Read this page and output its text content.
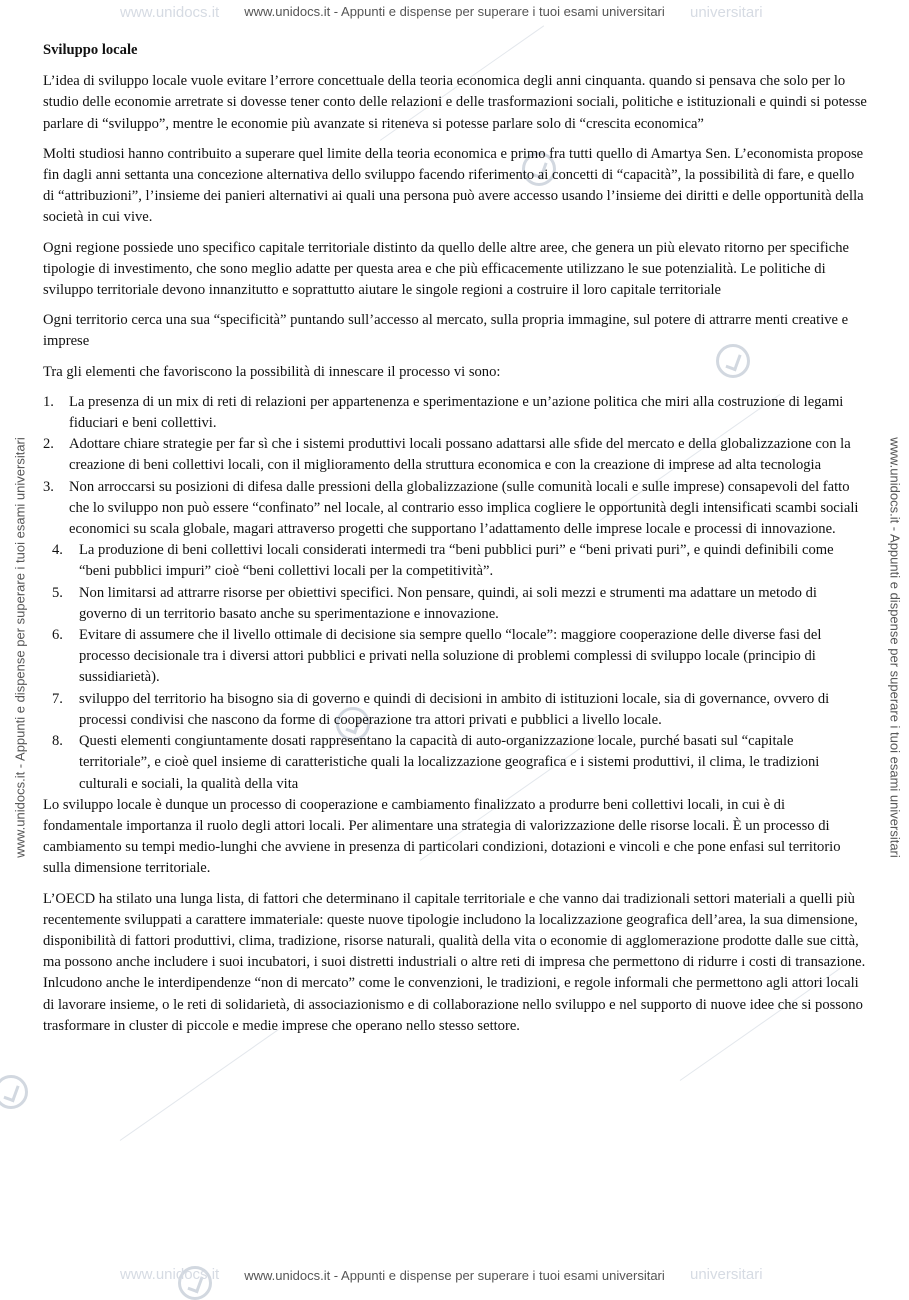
www.unidocs.it	universitari
www.unidocs.it	universitari
www.unidocs.it - Appunti e dispense per superare i tuoi esami universitari
www.unidocs.it - Appunti e dispense per superare i tuoi esami universitari
www.unidocs.it - Appunti e dispense per superare i tuoi esami universitari	www.unidocs.it - Appunti e dispense per superare i tuoi esami universitari
Sviluppo locale

L’idea di sviluppo locale vuole evitare l’errore concettuale della teoria economica degli anni cinquanta. quando si pensava che solo per lo studio delle economie arretrate si dovesse tener conto delle relazioni e delle trasformazioni sociali, politiche e istituzionali e quindi si potesse parlare di “sviluppo”, mentre le economie più avanzate si riteneva si potesse parlare solo di “crescita economica”

Molti studiosi hanno contribuito a superare quel limite della teoria economica e primo fra tutti quello di Amartya Sen. L’economista propose fin dagli anni settanta una concezione alternativa dello sviluppo facendo riferimento ai concetti di “capacità”, la possibilità di fare, e quello di “attribuzioni”, l’insieme dei panieri alternativi ai quali una persona può avere accesso usando l’insieme dei diritti e delle opportunità della società in cui vive.

Ogni regione possiede uno specifico capitale territoriale distinto da quello delle altre aree, che genera un più elevato ritorno per specifiche tipologie di investimento, che sono meglio adatte per questa area e che più efficacemente utilizzano le sue potenzialità. Le politiche di sviluppo territoriale devono innanzitutto e soprattutto aiutare le singole regioni a costruire il loro capitale territoriale

Ogni territorio cerca una sua “specificità” puntando sull’accesso al mercato, sulla propria immagine, sul potere di attrarre menti creative e imprese

Tra gli elementi che favoriscono la possibilità di innescare il processo vi sono:

1. La presenza di un mix di reti di relazioni per appartenenza e sperimentazione e un’azione politica che miri alla costruzione di legami fiduciari e beni collettivi.
2. Adottare chiare strategie per far sì che i sistemi produttivi locali possano adattarsi alle sfide del mercato e della globalizzazione con la creazione di beni collettivi locali, con il miglioramento della struttura economica e con la creazione di imprese ad alta tecnologia
3. Non arroccarsi su posizioni di difesa dalle pressioni della globalizzazione (sulle comunità locali e sulle imprese) consapevoli del fatto che lo sviluppo non può essere “confinato” nel locale, al contrario esso implica cogliere le opportunità degli intensificati scambi sociali economici su scala globale, magari attraverso progetti che supportano l’adattamento delle imprese locale e processi di innovazione.
4. La produzione di beni collettivi locali considerati intermedi tra “beni pubblici puri” e “beni privati puri”, e quindi definibili come “beni pubblici impuri” cioè “beni collettivi locali per la competitività”.
5. Non limitarsi ad attrarre risorse per obiettivi specifici. Non pensare, quindi, ai soli mezzi e strumenti ma adattare un metodo di governo di un territorio basato anche su sperimentazione e innovazione.
6. Evitare di assumere che il livello ottimale di decisione sia sempre quello “locale”: maggiore cooperazione delle diverse fasi del processo decisionale tra i diversi attori pubblici e privati nella soluzione di problemi complessi di sviluppo locale (principio di sussidiarietà).
7. sviluppo del territorio ha bisogno sia di governo e quindi di decisioni in ambito di istituzioni locale, sia di governance, ovvero di processi condivisi che nascono da forme di cooperazione tra attori privati e pubblici a livello locale.
8. Questi elementi congiuntamente dosati rappresentano la capacità di auto-organizzazione locale, purché basati sul “capitale territoriale”, e cioè quel insieme di caratteristiche quali la localizzazione geografica e i sistemi produttivi, il clima, le tradizioni culturali e sociali, la qualità della vita

Lo sviluppo locale è dunque un processo di cooperazione e cambiamento finalizzato a produrre beni collettivi locali, in cui è di fondamentale importanza il ruolo degli attori locali. Per alimentare una strategia di valorizzazione delle risorse locali. È un processo di cambiamento su tempi medio-lunghi che avviene in presenza di particolari condizioni, dotazioni e vincoli e che pone enfasi sul territorio sulla dimensione territoriale.

L’OECD ha stilato una lunga lista, di fattori che determinano il capitale territoriale e che vanno dai tradizionali settori materiali a quelli più recentemente sviluppati a carattere immateriale: queste nuove tipologie includono la localizzazione geografica dell’area, la sua dimensione, disponibilità di fattori produttivi, clima, tradizione, risorse naturali, qualità della vita o economie di agglomerazione prodotte dalle sue città, ma possono anche includere i suoi incubatori, i suoi distretti industriali o altre reti di impresa che permettono di ridurre i costi di transazione.

Inlcudono anche le interdipendenze “non di mercato” come le convenzioni, le tradizioni, e regole informali che permettono agli attori locali di lavorare insieme, o le reti di solidarietà, di associazionismo e di collaborazione nello sviluppo e nel supporto di nuove idee che si possono trasformare in cluster di piccole e medie imprese che operano nello stesso settore.
